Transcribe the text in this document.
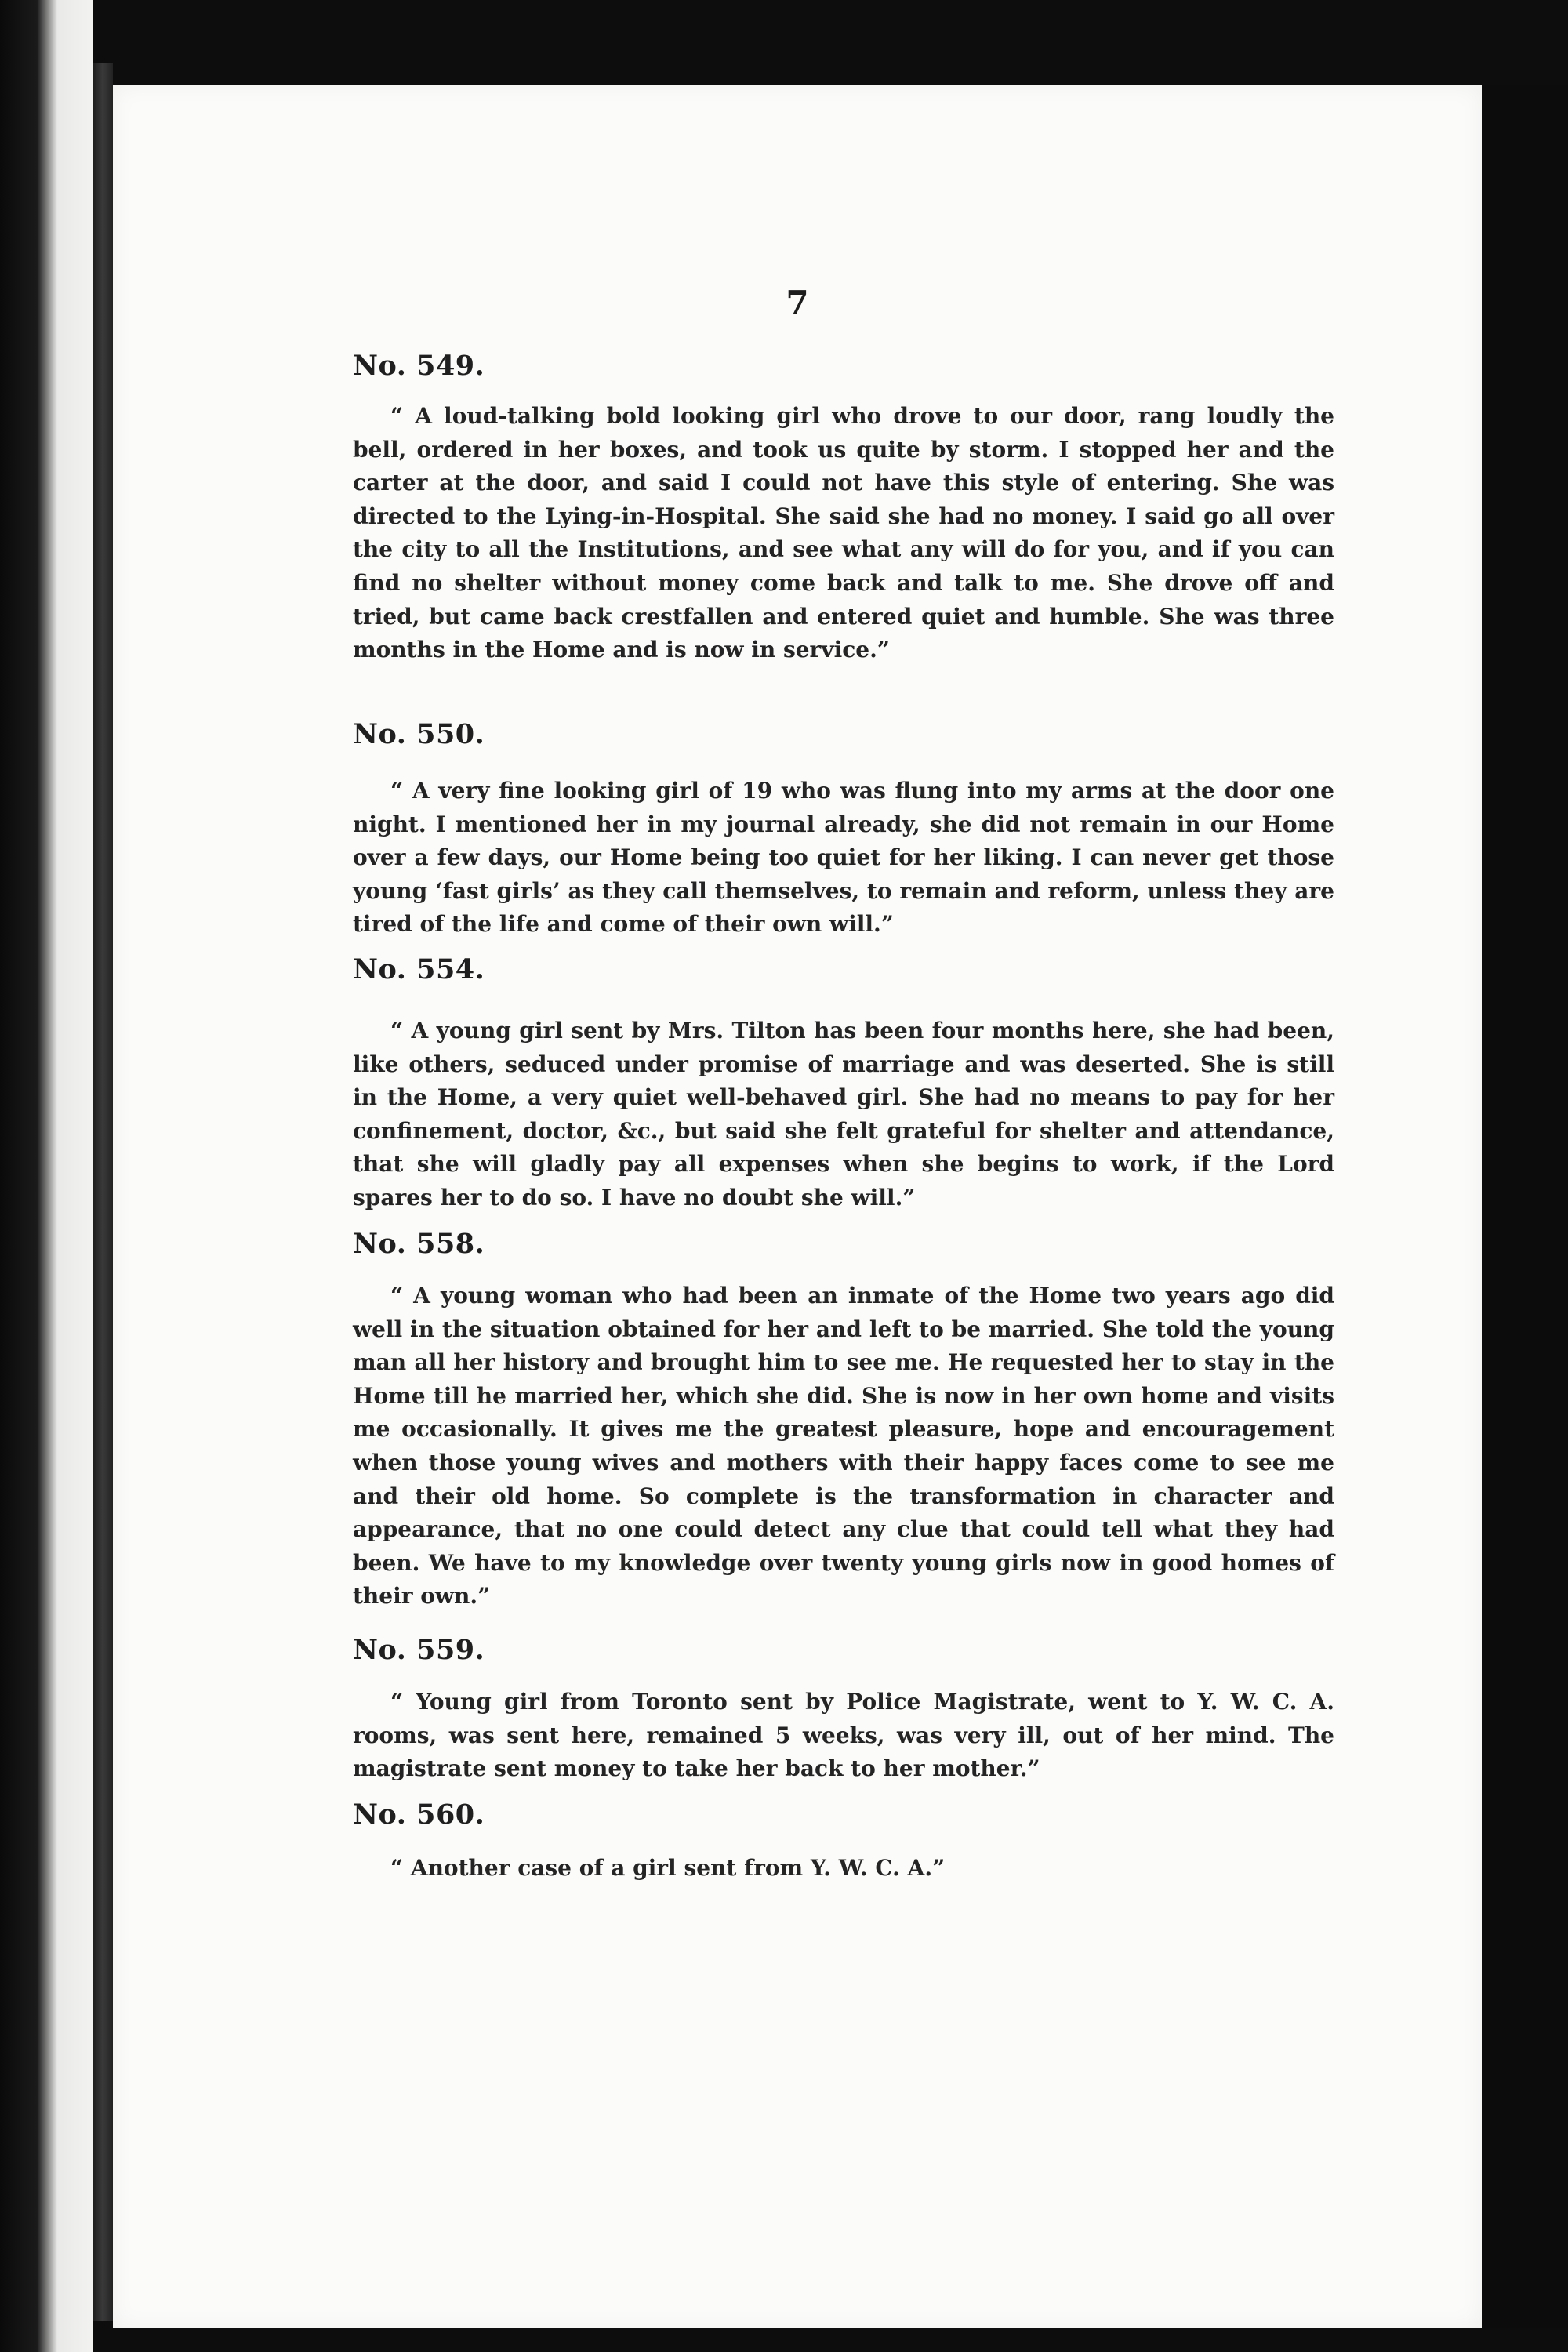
7
No. 549.

“ A loud-talking bold looking girl who drove to our door, rang loudly the bell, ordered in her boxes, and took us quite by storm. I stopped her and the carter at the door, and said I could not have this style of entering. She was directed to the Lying-in-Hospital. She said she had no money. I said go all over the city to all the Institutions, and see what any will do for you, and if you can find no shelter without money come back and talk to me. She drove off and tried, but came back crestfallen and entered quiet and humble. She was three months in the Home and is now in service.”

No. 550.

“ A very fine looking girl of 19 who was flung into my arms at the door one night. I mentioned her in my journal already, she did not remain in our Home over a few days, our Home being too quiet for her liking. I can never get those young ‘fast girls’ as they call themselves, to remain and reform, unless they are tired of the life and come of their own will.”

No. 554.

“ A young girl sent by Mrs. Tilton has been four months here, she had been, like others, seduced under promise of marriage and was deserted. She is still in the Home, a very quiet well-behaved girl. She had no means to pay for her confinement, doctor, &c., but said she felt grateful for shelter and attendance, that she will gladly pay all expenses when she begins to work, if the Lord spares her to do so. I have no doubt she will.”

No. 558.

“ A young woman who had been an inmate of the Home two years ago did well in the situation obtained for her and left to be married. She told the young man all her history and brought him to see me. He requested her to stay in the Home till he married her, which she did. She is now in her own home and visits me occasionally. It gives me the greatest pleasure, hope and encouragement when those young wives and mothers with their happy faces come to see me and their old home. So complete is the transformation in character and appearance, that no one could detect any clue that could tell what they had been. We have to my knowledge over twenty young girls now in good homes of their own.”

No. 559.

“ Young girl from Toronto sent by Police Magistrate, went to Y. W. C. A. rooms, was sent here, remained 5 weeks, was very ill, out of her mind. The magistrate sent money to take her back to her mother.”

No. 560.

“ Another case of a girl sent from Y. W. C. A.”
